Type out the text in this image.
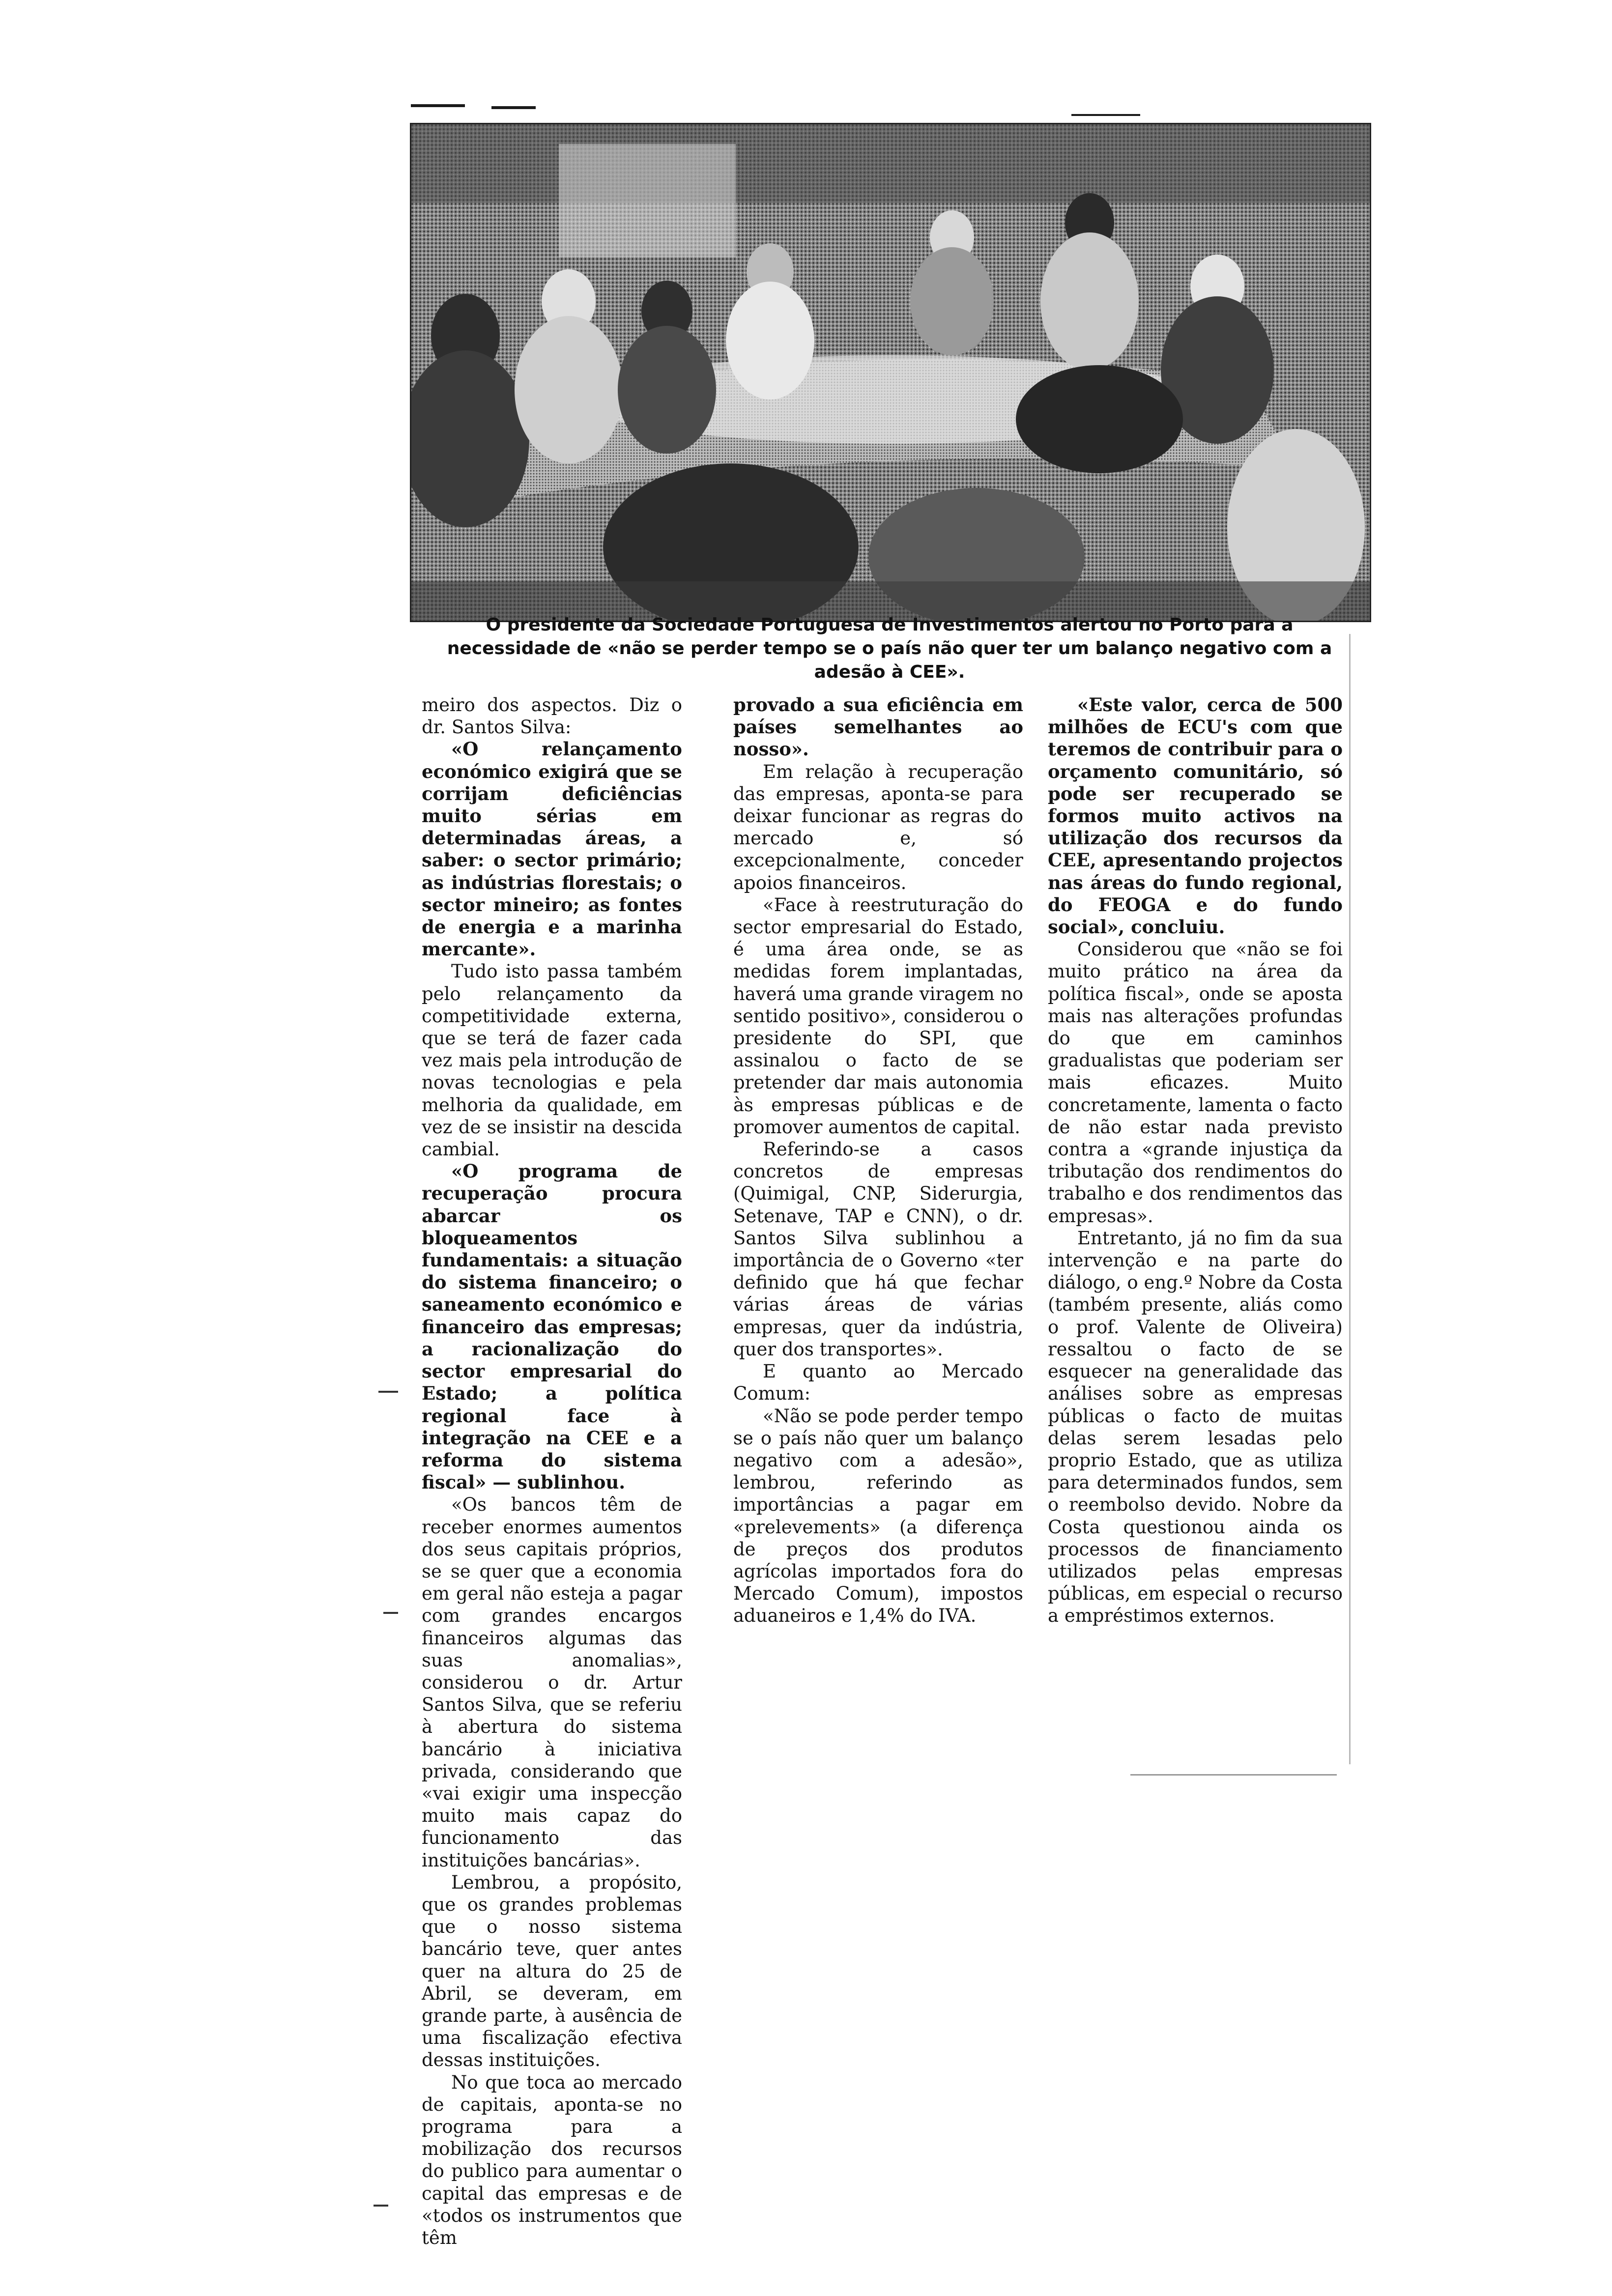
O presidente da Sociedade Portuguesa de Investimentos alertou no Porto para a necessidade de «não se perder tempo se o país não quer ter um balanço negativo com a adesão à CEE».

meiro dos aspectos. Diz o dr. Santos Silva:

«O relançamento económico exigirá que se corrijam deficiências muito sérias em determinadas áreas, a saber: o sector primário; as indústrias florestais; o sector mineiro; as fontes de energia e a marinha mercante».

Tudo isto passa também pelo relançamento da competitividade externa, que se terá de fazer cada vez mais pela introdução de novas tecnologias e pela melhoria da qualidade, em vez de se insistir na descida cambial.

«O programa de recuperação procura abarcar os bloqueamentos fundamentais: a situação do sistema financeiro; o saneamento económico e financeiro das empresas; a racionalização do sector empresarial do Estado; a política regional face à integração na CEE e a reforma do sistema fiscal» — sublinhou.

«Os bancos têm de receber enormes aumentos dos seus capitais próprios, se se quer que a economia em geral não esteja a pagar com grandes encargos financeiros algumas das suas anomalias», considerou o dr. Artur Santos Silva, que se referiu à abertura do sistema bancário à iniciativa privada, considerando que «vai exigir uma inspecção muito mais capaz do funcionamento das instituições bancárias».

Lembrou, a propósito, que os grandes problemas que o nosso sistema bancário teve, quer antes quer na altura do 25 de Abril, se deveram, em grande parte, à ausência de uma fiscalização efectiva dessas instituições.

No que toca ao mercado de capitais, aponta-se no programa para a mobilização dos recursos do publico para aumentar o capital das empresas e de «todos os instrumentos que têm

provado a sua eficiência em países semelhantes ao nosso».

Em relação à recuperação das empresas, aponta-se para deixar funcionar as regras do mercado e, só excepcionalmente, conceder apoios financeiros.

«Face à reestruturação do sector empresarial do Estado, é uma área onde, se as medidas forem implantadas, haverá uma grande viragem no sentido positivo», considerou o presidente do SPI, que assinalou o facto de se pretender dar mais autonomia às empresas públicas e de promover aumentos de capital.

Referindo-se a casos concretos de empresas (Quimigal, CNP, Siderurgia, Setenave, TAP e CNN), o dr. Santos Silva sublinhou a importância de o Governo «ter definido que há que fechar várias áreas de várias empresas, quer da indústria, quer dos transportes».

E quanto ao Mercado Comum:

«Não se pode perder tempo se o país não quer um balanço negativo com a adesão», lembrou, referindo as importâncias a pagar em «prelevements» (a diferença de preços dos produtos agrícolas importados fora do Mercado Comum), impostos aduaneiros e 1,4% do IVA.

«Este valor, cerca de 500 milhões de ECU's com que teremos de contribuir para o orçamento comunitário, só pode ser recuperado se formos muito activos na utilização dos recursos da CEE, apresentando projectos nas áreas do fundo regional, do FEOGA e do fundo social», concluiu.

Considerou que «não se foi muito prático na área da política fiscal», onde se aposta mais nas alterações profundas do que em caminhos gradualistas que poderiam ser mais eficazes. Muito concretamente, lamenta o facto de não estar nada previsto contra a «grande injustiça da tributação dos rendimentos do trabalho e dos rendimentos das empresas».

Entretanto, já no fim da sua intervenção e na parte do diálogo, o eng.º Nobre da Costa (também presente, aliás como o prof. Valente de Oliveira) ressaltou o facto de se esquecer na generalidade das análises sobre as empresas públicas o facto de muitas delas serem lesadas pelo proprio Estado, que as utiliza para determinados fundos, sem o reembolso devido. Nobre da Costa questionou ainda os processos de financiamento utilizados pelas empresas públicas, em especial o recurso a empréstimos externos.
